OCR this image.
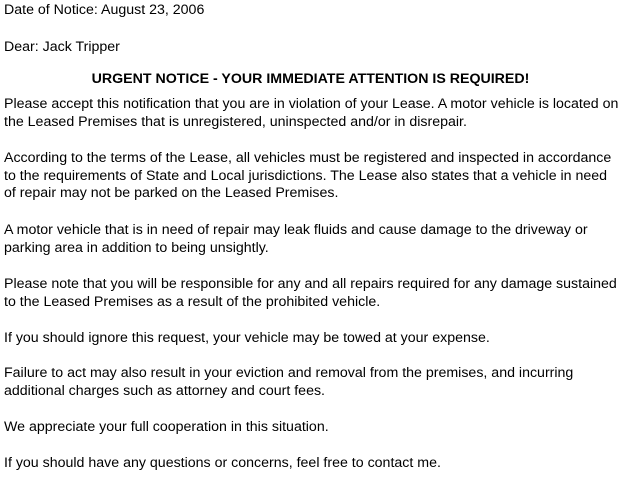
Date of Notice: August 23, 2006
Dear: Jack Tripper
URGENT NOTICE - YOUR IMMEDIATE ATTENTION IS REQUIRED!

Please accept this notification that you are in violation of your Lease. A motor vehicle is located on the Leased Premises that is unregistered, uninspected and/or in disrepair.

According to the terms of the Lease, all vehicles must be registered and inspected in accordance to the requirements of State and Local jurisdictions. The Lease also states that a vehicle in need of repair may not be parked on the Leased Premises.

A motor vehicle that is in need of repair may leak fluids and cause damage to the driveway or parking area in addition to being unsightly.

Please note that you will be responsible for any and all repairs required for any damage sustained to the Leased Premises as a result of the prohibited vehicle.

If you should ignore this request, your vehicle may be towed at your expense.

Failure to act may also result in your eviction and removal from the premises, and incurring additional charges such as attorney and court fees.

We appreciate your full cooperation in this situation.

If you should have any questions or concerns, feel free to contact me.
